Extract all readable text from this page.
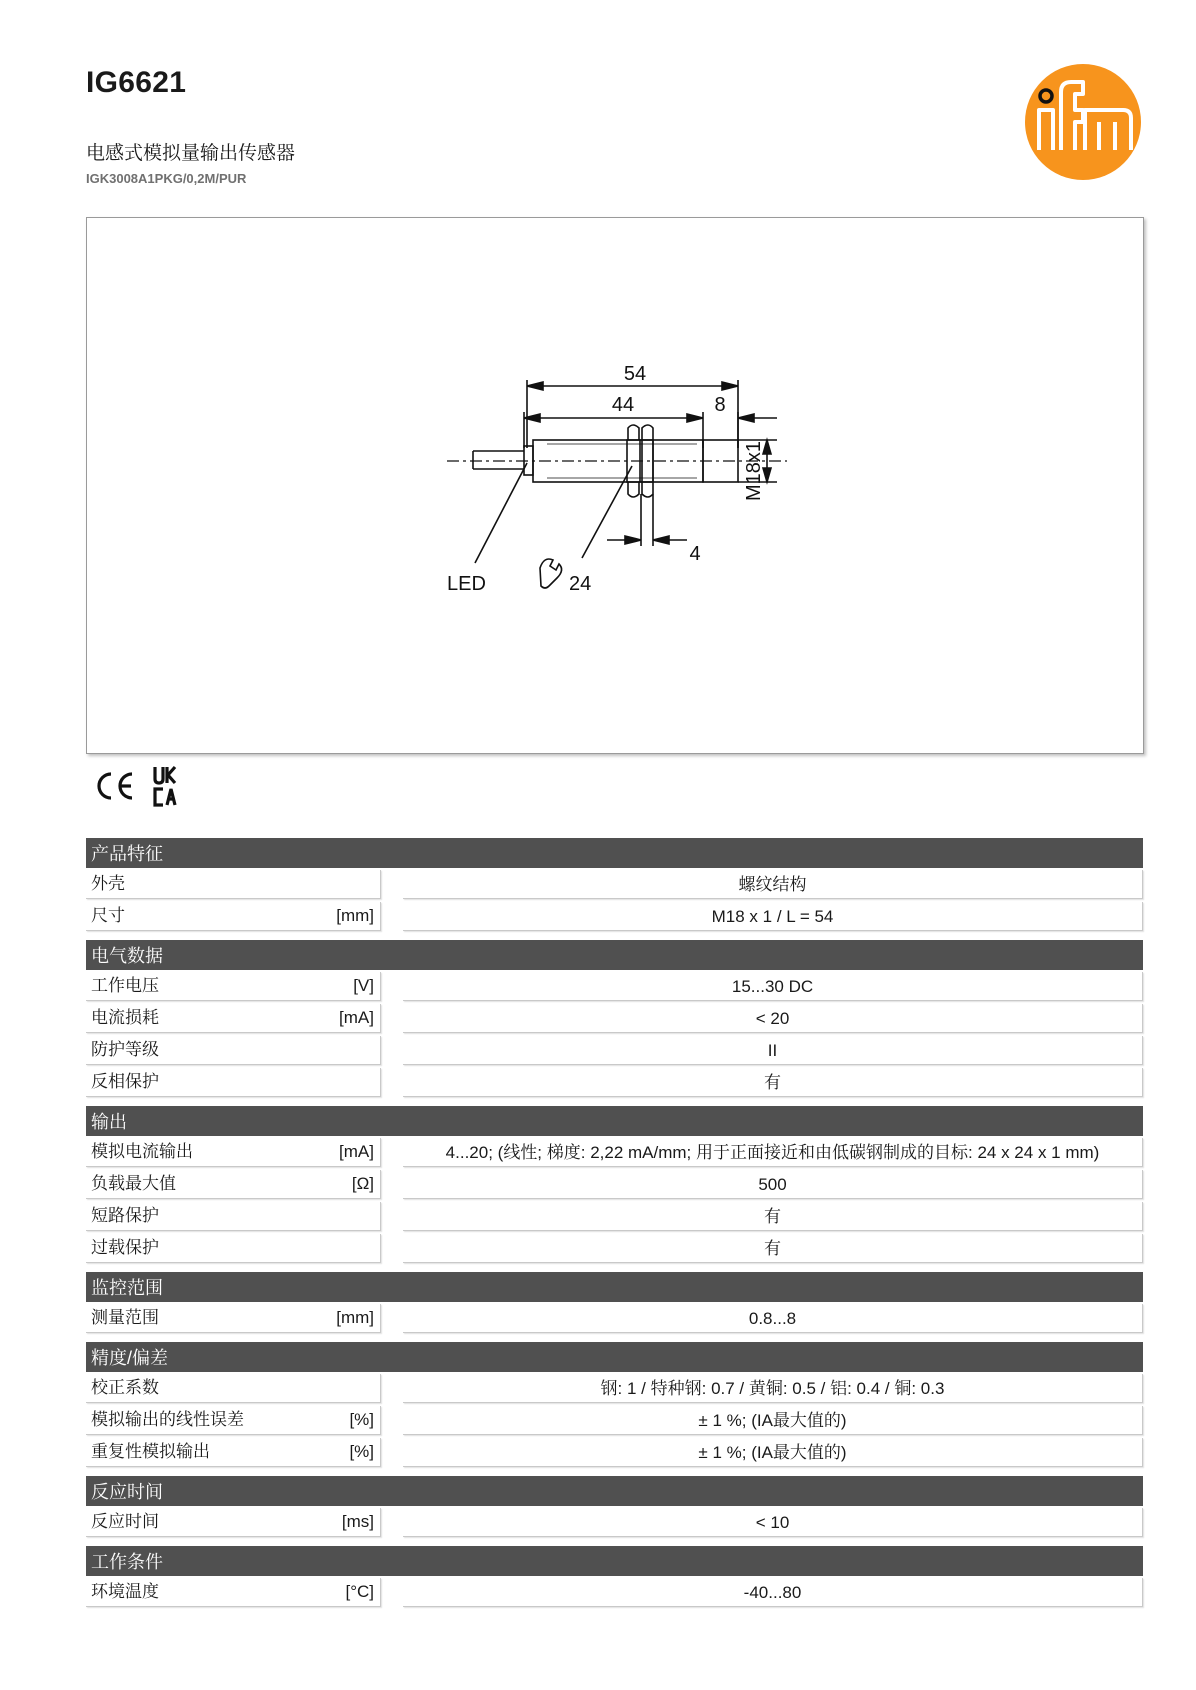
IG6621
电感式模拟量输出传感器
IGK3008A1PKG/0,2M/PUR
54
44	8
4
M18x1
LED	24
产品特征
外壳	螺纹结构
尺寸	[mm]	M18 x 1 / L = 54
电气数据
工作电压	[V]	15...30 DC
电流损耗	[mA]	< 20
防护等级	II
反相保护	有
输出
模拟电流输出	[mA]	4...20; (线性; 梯度: 2,22 mA/mm; 用于正面接近和由低碳钢制成的目标: 24 x 24 x 1 mm)
负载最大值	[Ω]	500
短路保护	有
过载保护	有
监控范围
测量范围	[mm]	0.8...8
精度/偏差
校正系数	钢: 1 / 特种钢: 0.7 / 黄铜: 0.5 / 铝: 0.4 / 铜: 0.3
模拟输出的线性误差	[%]	± 1 %; (IA最大值的)
重复性模拟输出	[%]	± 1 %; (IA最大值的)
反应时间
反应时间	[ms]	< 10
工作条件
环境温度	[°C]	-40...80
